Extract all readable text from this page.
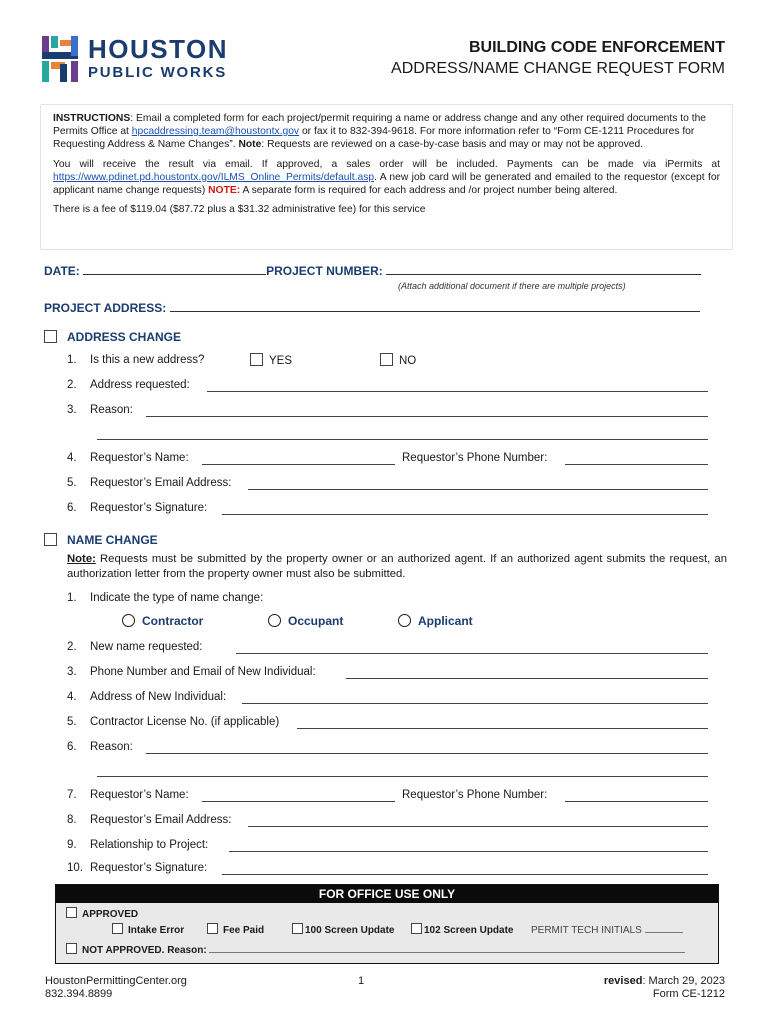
HOUSTON
PUBLIC WORKS
BUILDING CODE ENFORCEMENT
ADDRESS/NAME CHANGE REQUEST FORM

INSTRUCTIONS: Email a completed form for each project/permit requiring a name or address change and any other required documents to the Permits Office at hpcaddressing.team@houstontx.gov or fax it to 832-394-9618. For more information refer to “Form CE-1211 Procedures for Requesting Address & Name Changes”. Note: Requests are reviewed on a case-by-case basis and may or may not be approved.

You will receive the result via email. If approved, a sales order will be included. Payments can be made via iPermits at https://www.pdinet.pd.houstontx.gov/ILMS_Online_Permits/default.asp. A new job card will be generated and emailed to the requestor (except for applicant name change requests) NOTE: A separate form is required for each address and /or project number being altered.

There is a fee of $119.04 ($87.72 plus a $31.32 administrative fee) for this service

DATE:	PROJECT NUMBER:
(Attach additional document if there are multiple projects)
PROJECT ADDRESS:
ADDRESS CHANGE
1. Is this a new address?	YES	NO
2. Address requested:
3. Reason:
4. Requestor’s Name:	Requestor’s Phone Number:
5. Requestor’s Email Address:
6. Requestor’s Signature:
NAME CHANGE
Note: Requests must be submitted by the property owner or an authorized agent. If an authorized agent submits the request, an authorization letter from the property owner must also be submitted.
1. Indicate the type of name change:
Contractor	Occupant	Applicant
2. New name requested:
3. Phone Number and Email of New Individual:
4. Address of New Individual:
5. Contractor License No. (if applicable)
6. Reason:
7. Requestor’s Name:	Requestor’s Phone Number:
8. Requestor’s Email Address:
9. Relationship to Project:
10. Requestor’s Signature:
FOR OFFICE USE ONLY
APPROVED
Intake Error	Fee Paid	100 Screen Update	102 Screen Update PERMIT TECH INITIALS
NOT APPROVED. Reason:
HoustonPermittingCenter.org
832.394.8899
1	revised: March 29, 2023
Form CE-1212
